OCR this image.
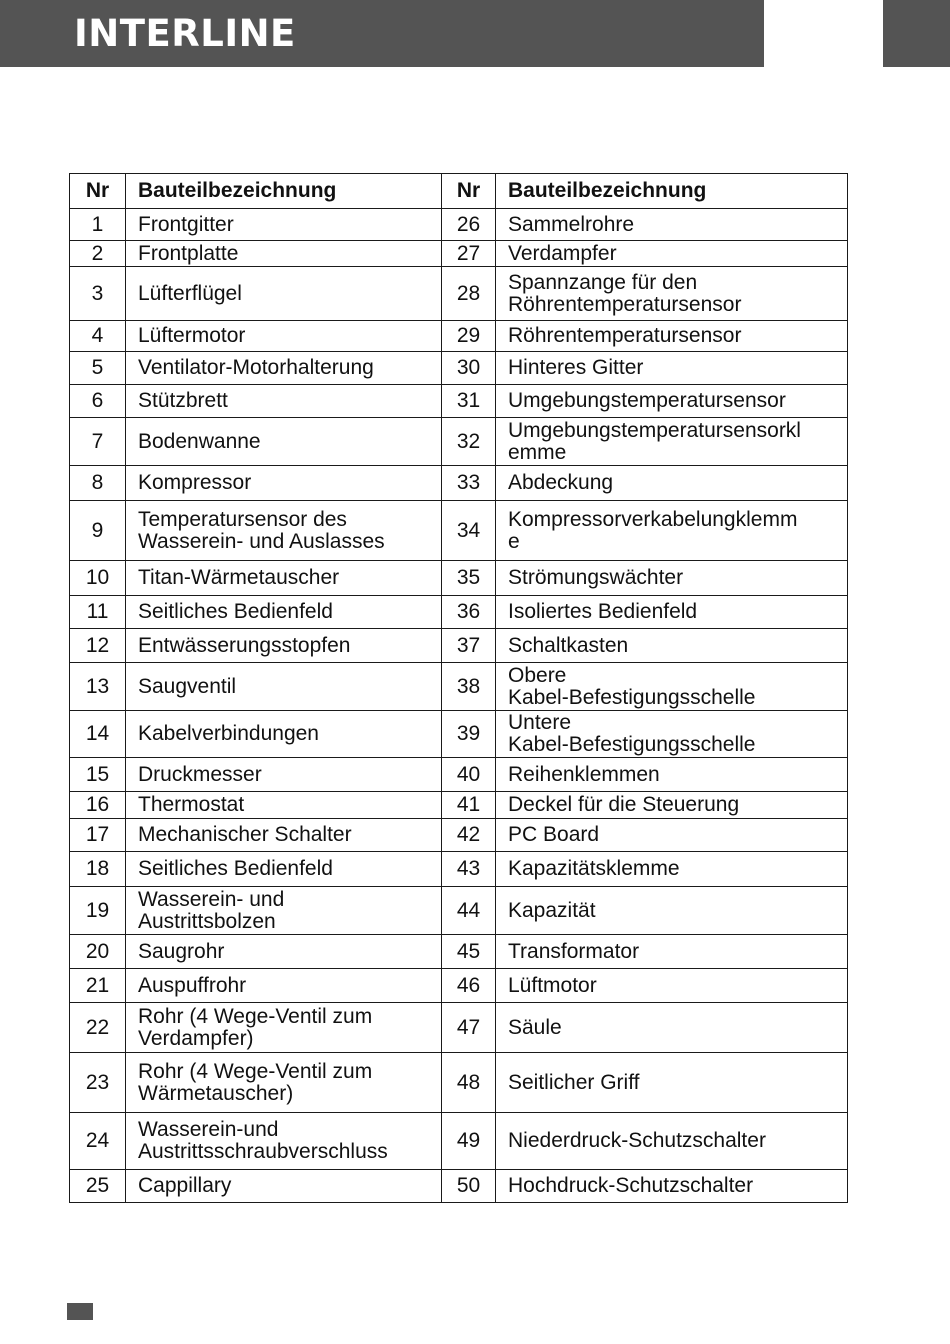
INTERLINE
Nr	Bauteilbezeichnung	Nr	Bauteilbezeichnung
1	Frontgitter	26	Sammelrohre
2	Frontplatte	27	Verdampfer
3	Lüfterflügel	28	Spannzange für den
Röhrentemperatursensor
4	Lüftermotor	29	Röhrentemperatursensor
5	Ventilator-Motorhalterung	30	Hinteres Gitter
6	Stützbrett	31	Umgebungstemperatursensor
7	Bodenwanne	32	Umgebungstemperatursensorkl
emme
8	Kompressor	33	Abdeckung
9	Temperatursensor des
Wasserein- und Auslasses	34	Kompressorverkabelungklemm
e
10	Titan-Wärmetauscher	35	Strömungswächter
11	Seitliches Bedienfeld	36	Isoliertes Bedienfeld
12	Entwässerungsstopfen	37	Schaltkasten
13	Saugventil	38	Obere
Kabel-Befestigungsschelle
14	Kabelverbindungen	39	Untere
Kabel-Befestigungsschelle
15	Druckmesser	40	Reihenklemmen
16	Thermostat	41	Deckel für die Steuerung
17	Mechanischer Schalter	42	PC Board
18	Seitliches Bedienfeld	43	Kapazitätsklemme
19	Wasserein- und
Austrittsbolzen	44	Kapazität
20	Saugrohr	45	Transformator
21	Auspuffrohr	46	Lüftmotor
22	Rohr (4 Wege-Ventil zum
Verdampfer)	47	Säule
23	Rohr (4 Wege-Ventil zum
Wärmetauscher)	48	Seitlicher Griff
24	Wasserein-und
Austrittsschraubverschluss	49	Niederdruck-Schutzschalter
25	Cappillary	50	Hochdruck-Schutzschalter
